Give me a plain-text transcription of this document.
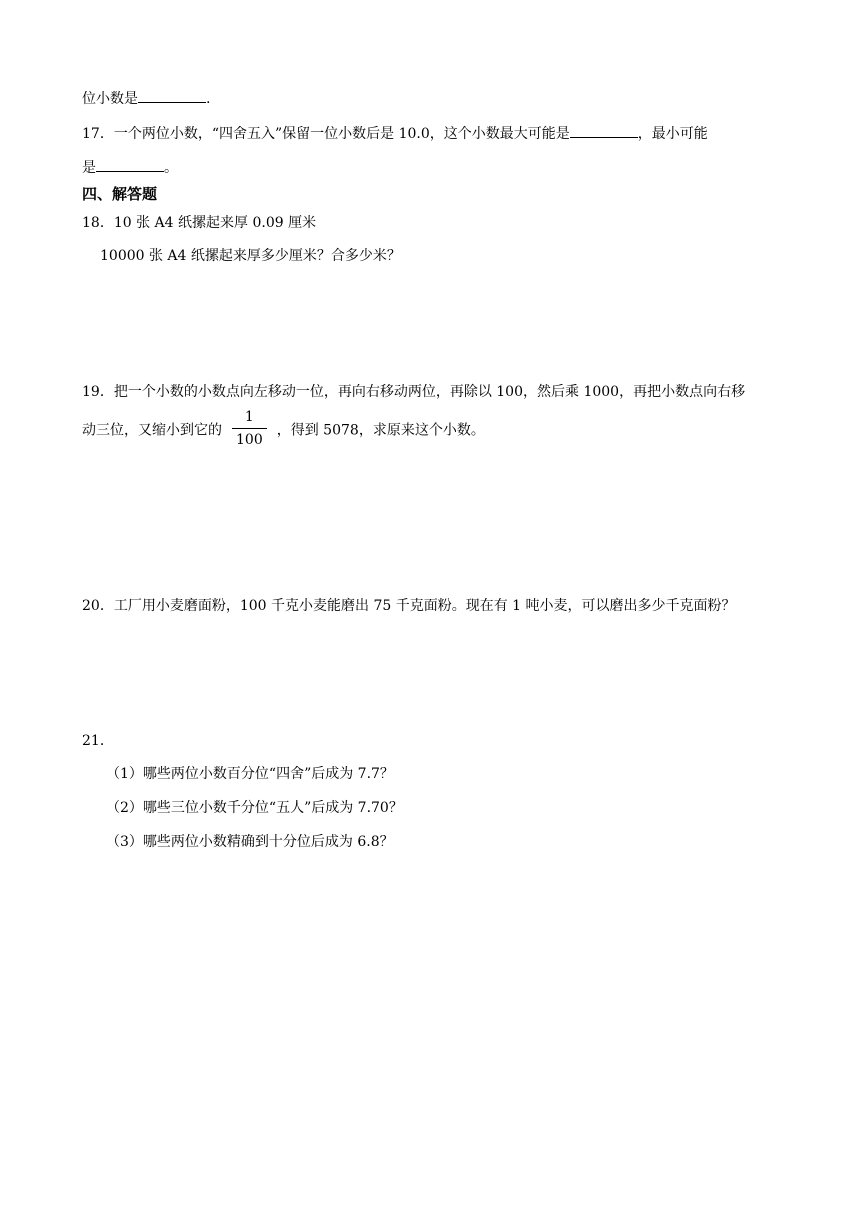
位小数是	.
17．一个两位小数，“四舍五入”保留一位小数后是 10.0，这个小数最大可能是	，最小可能
是	。
四、解答题
18．10 张 A4 纸摞起来厚 0.09 厘米
10000 张 A4 纸摞起来厚多少厘米？合多少米？
19．把一个小数的小数点向左移动一位，再向右移动两位，再除以 100，然后乘 1000，再把小数点向右移
动三位，又缩小到它的 $\frac{1}{100}$ ，得到 5078，求原来这个小数。
20．工厂用小麦磨面粉，100 千克小麦能磨出 75 千克面粉。现在有 1 吨小麦，可以磨出多少千克面粉？
21．
（1）哪些两位小数百分位“四舍”后成为 7.7？
（2）哪些三位小数千分位“五人”后成为 7.70？
（3）哪些两位小数精确到十分位后成为 6.8？
